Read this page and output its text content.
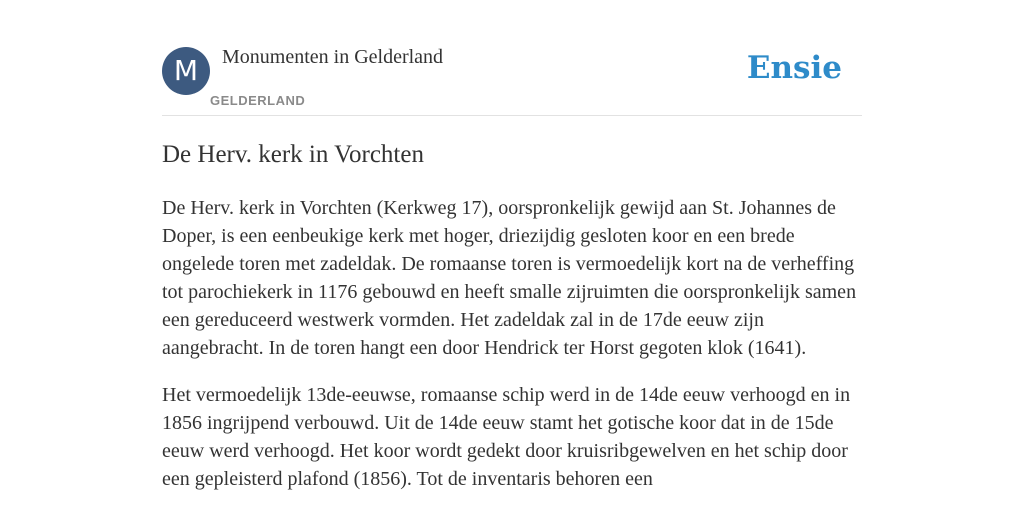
M	Monumenten in Gelderland
GELDERLAND
Ensie
De Herv. kerk in Vorchten

De Herv. kerk in Vorchten (Kerkweg 17), oorspronkelijk gewijd aan St. Johannes de Doper, is een eenbeukige kerk met hoger, driezijdig gesloten koor en een brede ongelede toren met zadeldak. De romaanse toren is vermoedelijk kort na de verheffing tot parochiekerk in 1176 gebouwd en heeft smalle zijruimten die oorspronkelijk samen een gereduceerd westwerk vormden. Het zadeldak zal in de 17de eeuw zijn aangebracht. In de toren hangt een door Hendrick ter Horst gegoten klok (1641).

Het vermoedelijk 13de-eeuwse, romaanse schip werd in de 14de eeuw verhoogd en in 1856 ingrijpend verbouwd. Uit de 14de eeuw stamt het gotische koor dat in de 15de eeuw werd verhoogd. Het koor wordt gedekt door kruisribgewelven en het schip door een gepleisterd plafond (1856). Tot de inventaris behoren een
